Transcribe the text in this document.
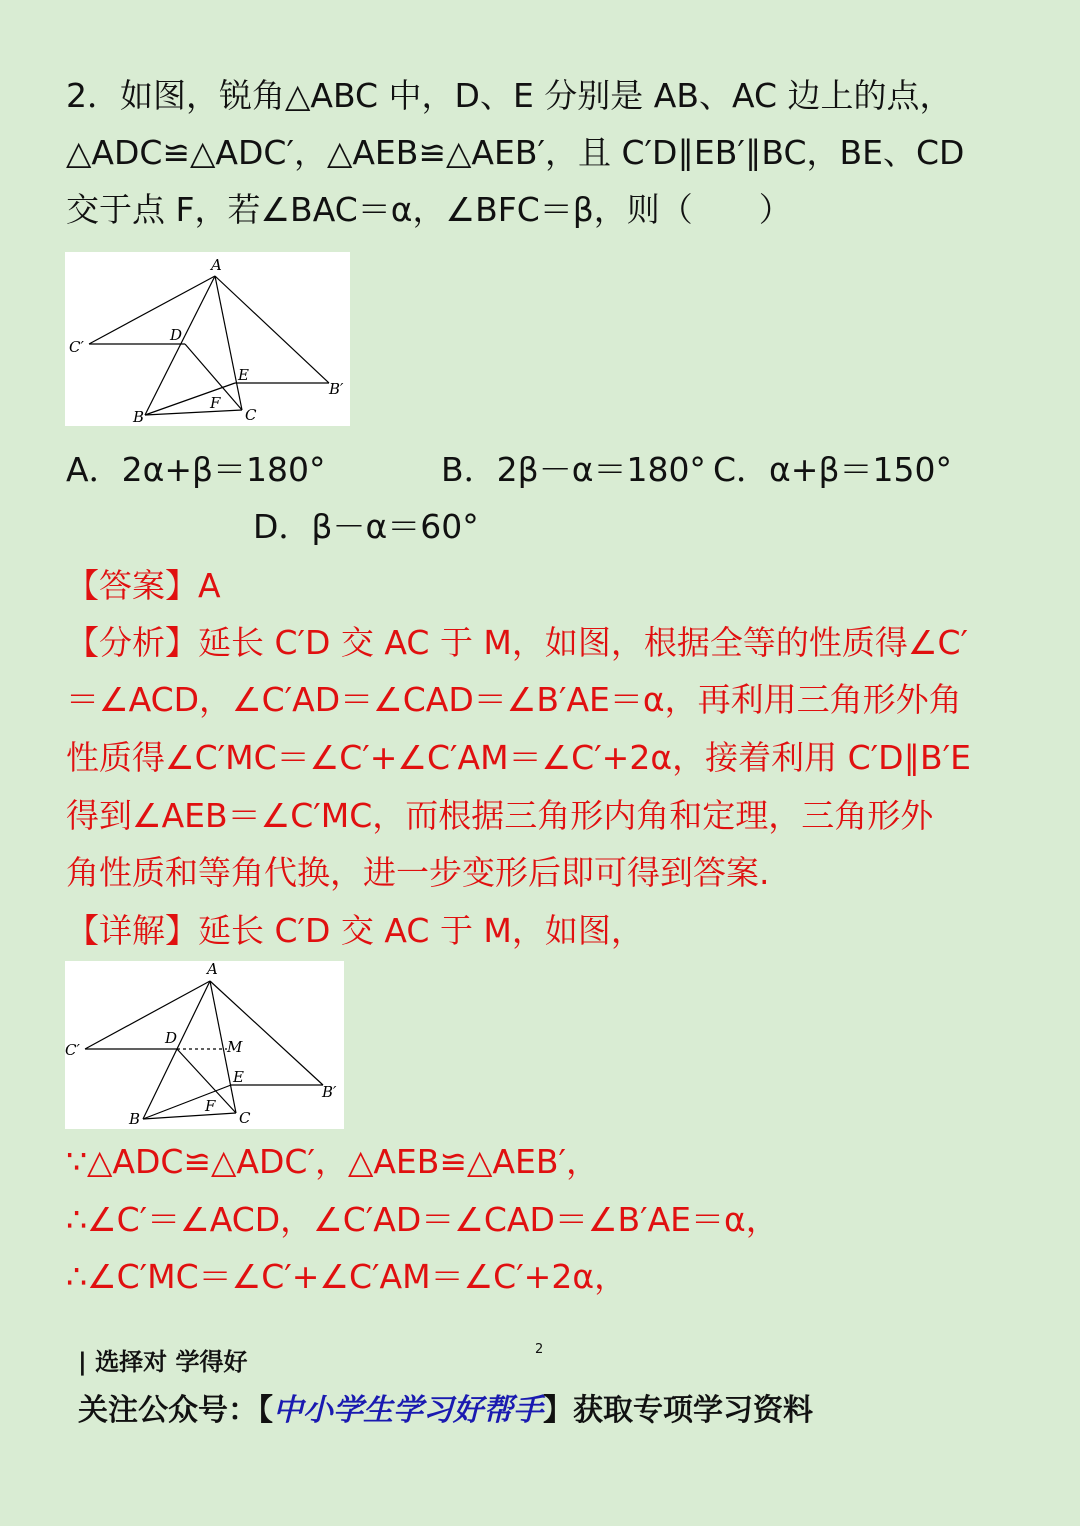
2．如图，锐角△ABC 中，D、E 分别是 AB、AC 边上的点，
△ADC≌△ADC′，△AEB≌△AEB′，且 C′D∥EB′∥BC，BE、CD
交于点 F，若∠BAC＝α，∠BFC＝β，则（　　）
A
C′
D
E
B′
B
F
C
A．2α+β＝180°	B．2β－α＝180° C．α+β＝150°
D．β－α＝60°
【答案】A
【分析】延长 C′D 交 AC 于 M，如图，根据全等的性质得∠C′
＝∠ACD，∠C′AD＝∠CAD＝∠B′AE＝α，再利用三角形外角
性质得∠C′MC＝∠C′+∠C′AM＝∠C′+2α，接着利用 C′D∥B′E
得到∠AEB＝∠C′MC，而根据三角形内角和定理，三角形外
角性质和等角代换，进一步变形后即可得到答案.
【详解】延长 C′D 交 AC 于 M，如图，
A
C′
D	M
E
B′
B
F
C
∵△ADC≌△ADC′，△AEB≌△AEB′，
∴∠C′＝∠ACD，∠C′AD＝∠CAD＝∠B′AE＝α，
∴∠C′MC＝∠C′+∠C′AM＝∠C′+2α，
| 选择对 学得好	2
关注公众号：【中小学生学习好帮手】获取专项学习资料
